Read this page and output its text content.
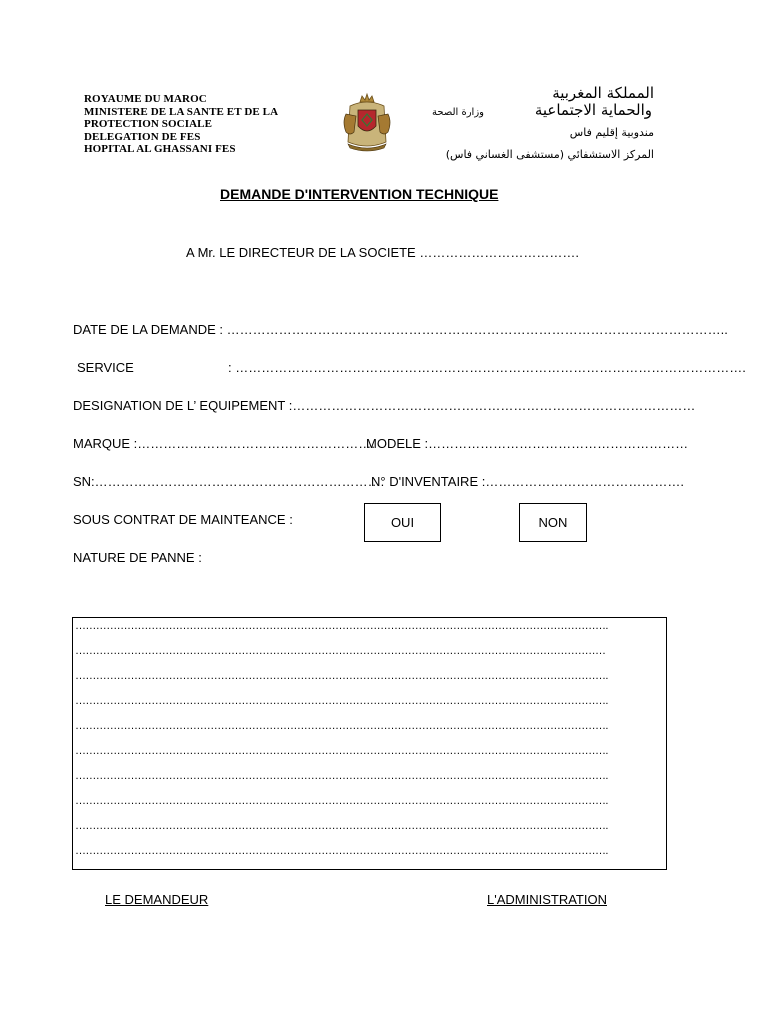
ROYAUME DU MAROC
MINISTERE DE LA SANTE ET DE LA
PROTECTION SOCIALE
DELEGATION DE FES
HOPITAL AL GHASSANI FES
المملكة المغربية
والحماية الاجتماعية
وزارة الصحة
مندوبية إقليم فاس
المركز الاستشفائي (مستشفى الغساني فاس)
DEMANDE D'INTERVENTION TECHNIQUE
A Mr. LE DIRECTEUR DE LA SOCIETE ……………………………….
DATE DE LA DEMANDE : ……………………………………………………………………………………………………..
SERVICE	: ……………………………………………………………………………………………………….
DESIGNATION DE L’ EQUIPEMENT :…………………………………………………………………………………
MARQUE :……………………………………………….
MODELE :……………………………………………………
SN:………………………………………………………….
N° D'INVENTAIRE :……………………………………….
SOUS CONTRAT DE MAINTEANCE :	OUI	NON
NATURE DE PANNE :
……………………………………………………………………………………………………………………………………….
………………………………………………………………………………………………………………………………………
……………………………………………………………………………………………………………………………………….
……………………………………………………………………………………………………………………………………….
……………………………………………………………………………………………………………………………………….
……………………………………………………………………………………………………………………………………….
……………………………………………………………………………………………………………………………………….
……………………………………………………………………………………………………………………………………….
……………………………………………………………………………………………………………………………………….
……………………………………………………………………………………………………………………………………….
LE DEMANDEUR	L'ADMINISTRATION
